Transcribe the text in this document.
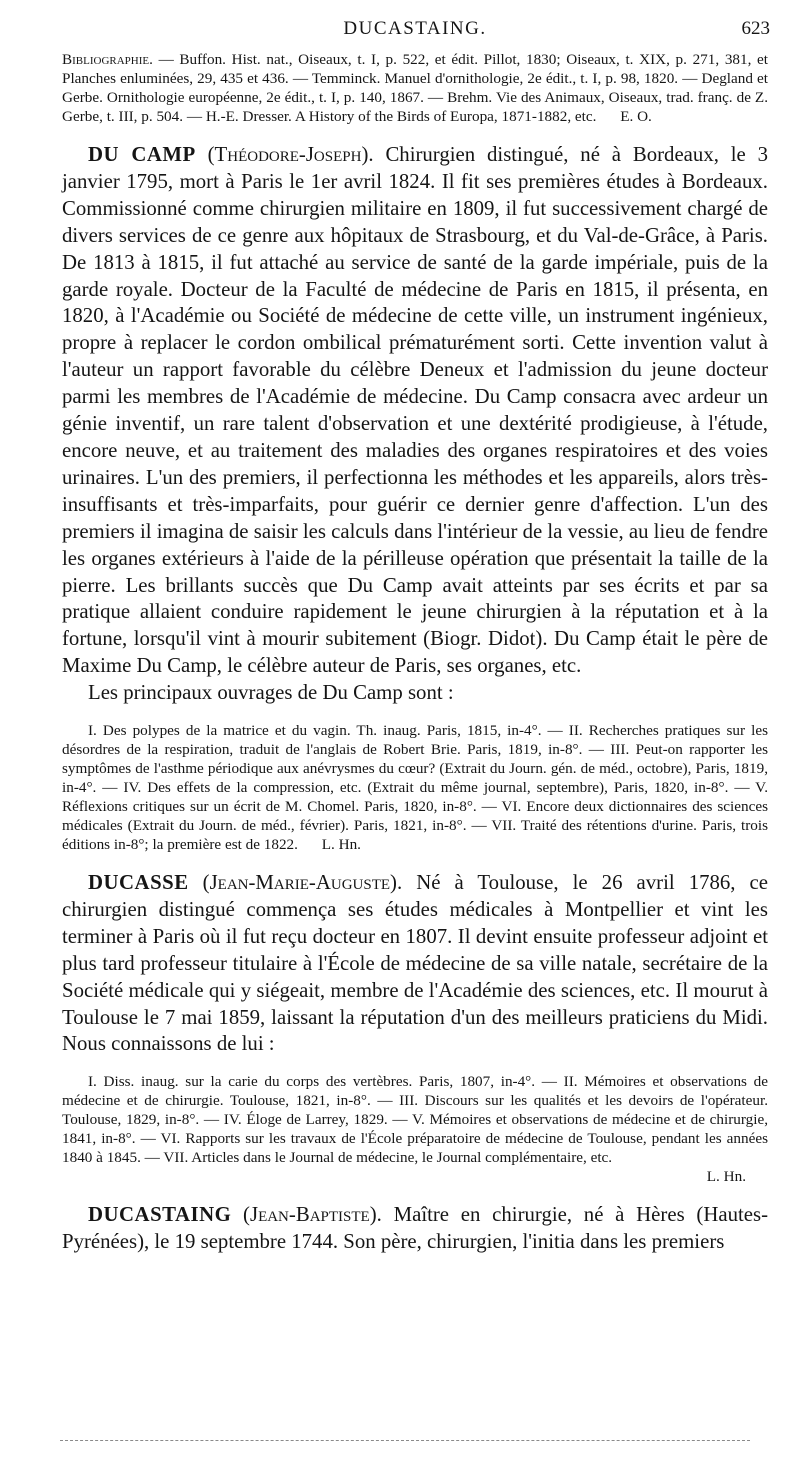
DUCASTAING.	623

Bibliographie. — Buffon. Hist. nat., Oiseaux, t. I, p. 522, et édit. Pillot, 1830; Oiseaux, t. XIX, p. 271, 381, et Planches enluminées, 29, 435 et 436. — Temminck. Manuel d'ornithologie, 2e édit., t. I, p. 98, 1820. — Degland et Gerbe. Ornithologie européenne, 2e édit., t. I, p. 140, 1867. — Brehm. Vie des Animaux, Oiseaux, trad. franç. de Z. Gerbe, t. III, p. 504. — H.-E. Dresser. A History of the Birds of Europa, 1871-1882, etc. E. O.

DU CAMP (Théodore-Joseph). Chirurgien distingué, né à Bordeaux, le 3 janvier 1795, mort à Paris le 1er avril 1824. Il fit ses premières études à Bordeaux. Commissionné comme chirurgien militaire en 1809, il fut successivement chargé de divers services de ce genre aux hôpitaux de Strasbourg, et du Val-de-Grâce, à Paris. De 1813 à 1815, il fut attaché au service de santé de la garde impériale, puis de la garde royale. Docteur de la Faculté de médecine de Paris en 1815, il présenta, en 1820, à l'Académie ou Société de médecine de cette ville, un instrument ingénieux, propre à replacer le cordon ombilical prématurément sorti. Cette invention valut à l'auteur un rapport favorable du célèbre Deneux et l'admission du jeune docteur parmi les membres de l'Académie de médecine. Du Camp consacra avec ardeur un génie inventif, un rare talent d'observation et une dextérité prodigieuse, à l'étude, encore neuve, et au traitement des maladies des organes respiratoires et des voies urinaires. L'un des premiers, il perfectionna les méthodes et les appareils, alors très-insuffisants et très-imparfaits, pour guérir ce dernier genre d'affection. L'un des premiers il imagina de saisir les calculs dans l'intérieur de la vessie, au lieu de fendre les organes extérieurs à l'aide de la périlleuse opération que présentait la taille de la pierre. Les brillants succès que Du Camp avait atteints par ses écrits et par sa pratique allaient conduire rapidement le jeune chirurgien à la réputation et à la fortune, lorsqu'il vint à mourir subitement (Biogr. Didot). Du Camp était le père de Maxime Du Camp, le célèbre auteur de Paris, ses organes, etc.

Les principaux ouvrages de Du Camp sont :

I. Des polypes de la matrice et du vagin. Th. inaug. Paris, 1815, in-4°. — II. Recherches pratiques sur les désordres de la respiration, traduit de l'anglais de Robert Brie. Paris, 1819, in-8°. — III. Peut-on rapporter les symptômes de l'asthme périodique aux anévrysmes du cœur? (Extrait du Journ. gén. de méd., octobre), Paris, 1819, in-4°. — IV. Des effets de la compression, etc. (Extrait du même journal, septembre), Paris, 1820, in-8°. — V. Réflexions critiques sur un écrit de M. Chomel. Paris, 1820, in-8°. — VI. Encore deux dictionnaires des sciences médicales (Extrait du Journ. de méd., février). Paris, 1821, in-8°. — VII. Traité des rétentions d'urine. Paris, trois éditions in-8°; la première est de 1822. L. Hn.

DUCASSE (Jean-Marie-Auguste). Né à Toulouse, le 26 avril 1786, ce chirurgien distingué commença ses études médicales à Montpellier et vint les terminer à Paris où il fut reçu docteur en 1807. Il devint ensuite professeur adjoint et plus tard professeur titulaire à l'École de médecine de sa ville natale, secrétaire de la Société médicale qui y siégeait, membre de l'Académie des sciences, etc. Il mourut à Toulouse le 7 mai 1859, laissant la réputation d'un des meilleurs praticiens du Midi. Nous connaissons de lui :

I. Diss. inaug. sur la carie du corps des vertèbres. Paris, 1807, in-4°. — II. Mémoires et observations de médecine et de chirurgie. Toulouse, 1821, in-8°. — III. Discours sur les qualités et les devoirs de l'opérateur. Toulouse, 1829, in-8°. — IV. Éloge de Larrey, 1829. — V. Mémoires et observations de médecine et de chirurgie, 1841, in-8°. — VI. Rapports sur les travaux de l'École préparatoire de médecine de Toulouse, pendant les années 1840 à 1845. — VII. Articles dans le Journal de médecine, le Journal complémentaire, etc.
L. Hn.

DUCASTAING (Jean-Baptiste). Maître en chirurgie, né à Hères (Hautes-Pyrénées), le 19 septembre 1744. Son père, chirurgien, l'initia dans les premiers
